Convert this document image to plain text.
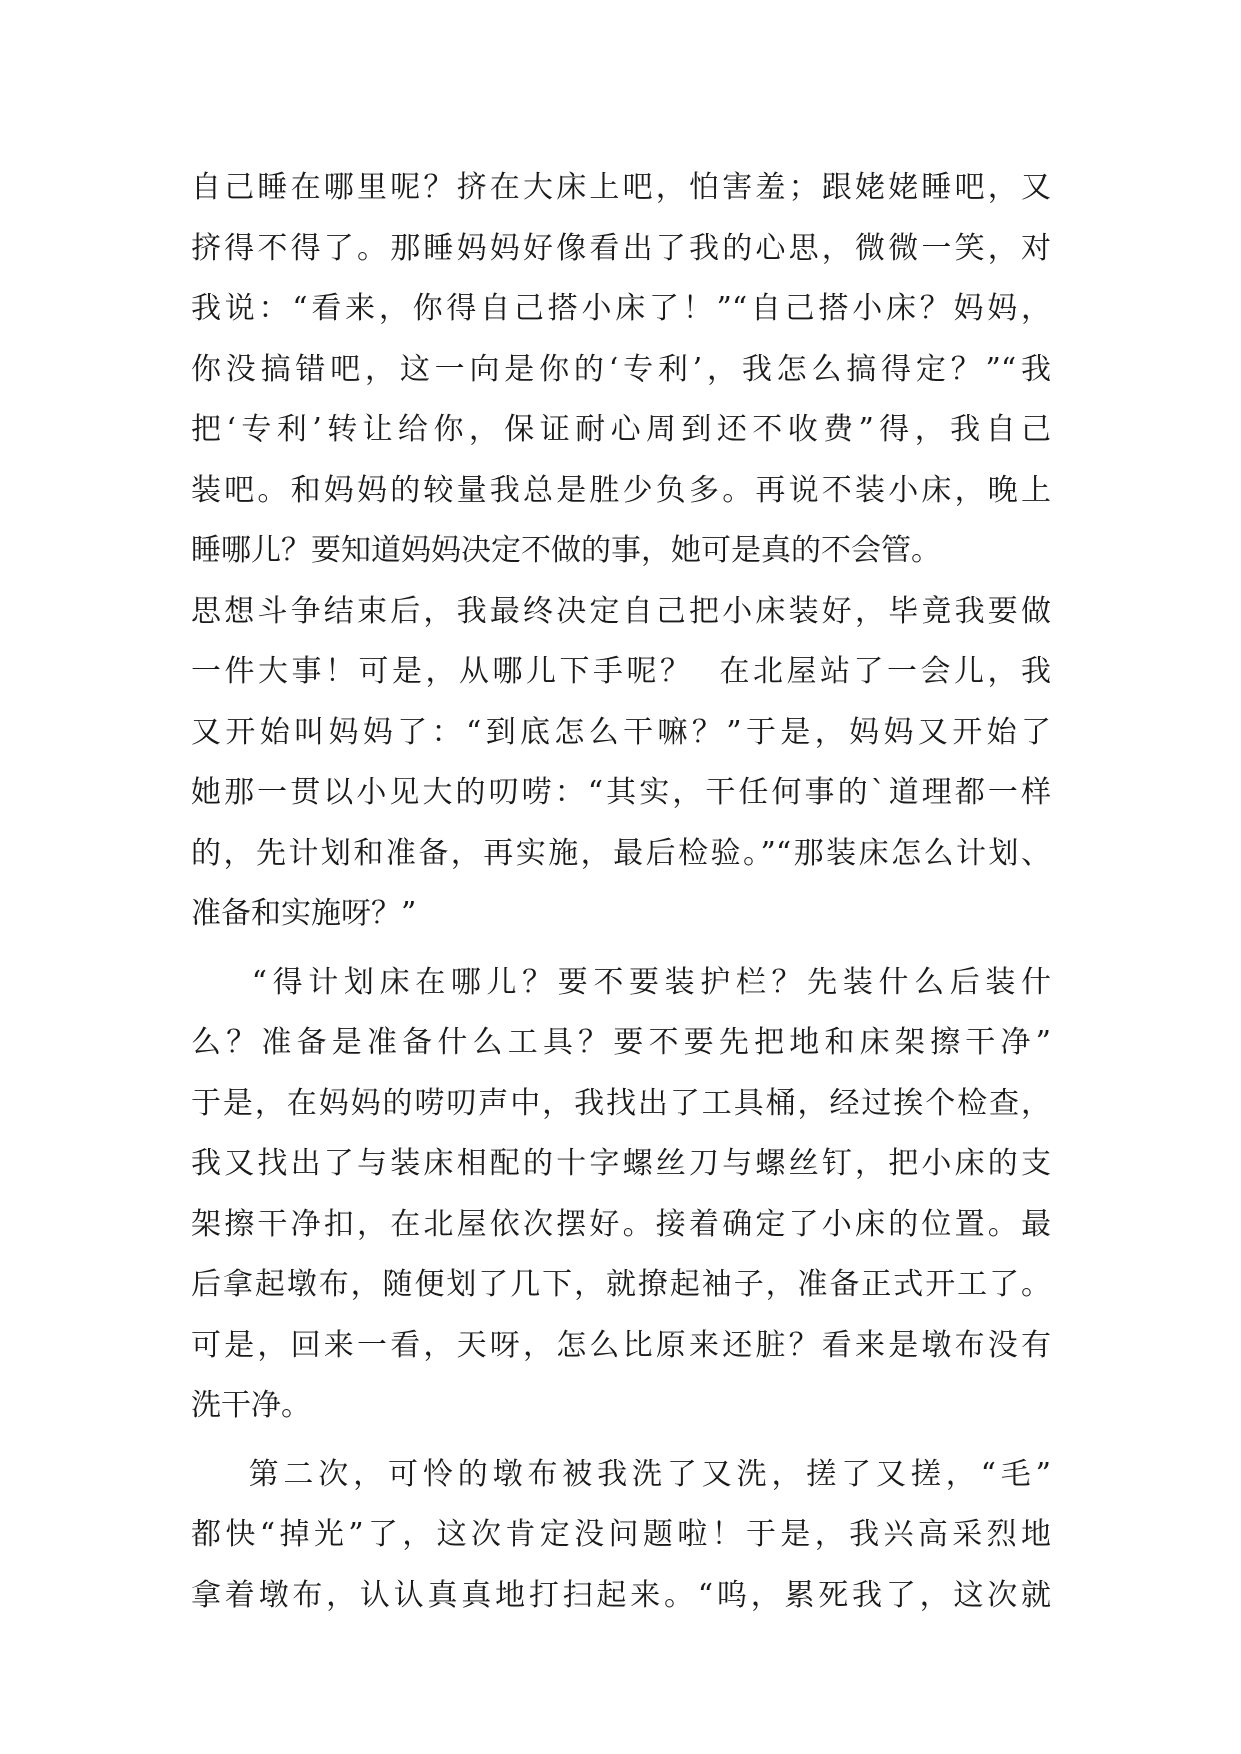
自己睡在哪里呢？挤在大床上吧，怕害羞；跟姥姥睡吧，又
挤得不得了。那睡妈妈好像看出了我的心思，微微一笑，对
我说：“看来，你得自己搭小床了！”“自己搭小床？妈妈，
你没搞错吧，这一向是你的‘专利’，我怎么搞得定？”“我
把‘专利’转让给你，保证耐心周到还不收费”得，我自己
装吧。和妈妈的较量我总是胜少负多。再说不装小床，晚上
睡哪儿？要知道妈妈决定不做的事，她可是真的不会管。
思想斗争结束后，我最终决定自己把小床装好，毕竟我要做
一件大事！可是，从哪儿下手呢？  在北屋站了一会儿，我
又开始叫妈妈了：“到底怎么干嘛？”于是，妈妈又开始了
她那一贯以小见大的叨唠：“其实，干任何事的`道理都一样
的，先计划和准备，再实施，最后检验。”“那装床怎么计划、
准备和实施呀？”
“得计划床在哪儿？要不要装护栏？先装什么后装什
么？准备是准备什么工具？要不要先把地和床架擦干净”
于是，在妈妈的唠叨声中，我找出了工具桶，经过挨个检查，
我又找出了与装床相配的十字螺丝刀与螺丝钉，把小床的支
架擦干净扣，在北屋依次摆好。接着确定了小床的位置。最
后拿起墩布，随便划了几下，就撩起袖子，准备正式开工了。
可是，回来一看，天呀，怎么比原来还脏？看来是墩布没有
洗干净。
第二次，可怜的墩布被我洗了又洗，搓了又搓，“毛”
都快“掉光”了，这次肯定没问题啦！于是，我兴高采烈地
拿着墩布，认认真真地打扫起来。“呜，累死我了，这次就
